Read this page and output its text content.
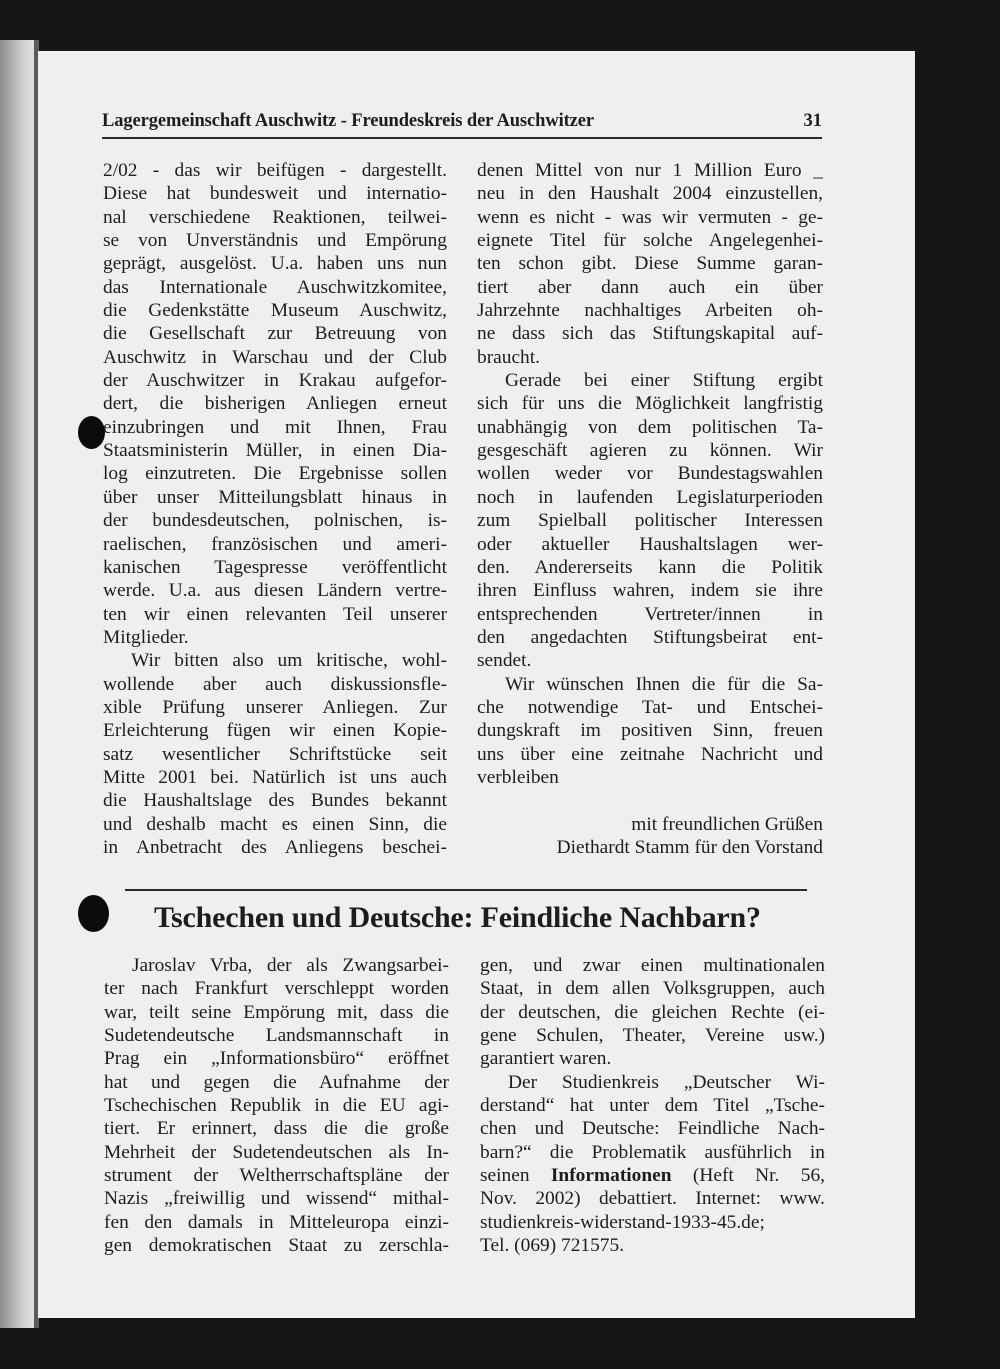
Lagergemeinschaft Auschwitz - Freundeskreis der Auschwitzer	31
2/02 - das wir beifügen - dargestellt.
Diese hat bundesweit und internatio-
nal verschiedene Reaktionen, teilwei-
se von Unverständnis und Empörung
geprägt, ausgelöst. U.a. haben uns nun
das Internationale Auschwitzkomitee,
die Gedenkstätte Museum Auschwitz,
die Gesellschaft zur Betreuung von
Auschwitz in Warschau und der Club
der Auschwitzer in Krakau aufgefor-
dert, die bisherigen Anliegen erneut
einzubringen und mit Ihnen, Frau
Staatsministerin Müller, in einen Dia-
log einzutreten. Die Ergebnisse sollen
über unser Mitteilungsblatt hinaus in
der bundesdeutschen, polnischen, is-
raelischen, französischen und ameri-
kanischen Tagespresse veröffentlicht
werde. U.a. aus diesen Ländern vertre-
ten wir einen relevanten Teil unserer
Mitglieder.
Wir bitten also um kritische, wohl-
wollende aber auch diskussionsfle-
xible Prüfung unserer Anliegen. Zur
Erleichterung fügen wir einen Kopie-
satz wesentlicher Schriftstücke seit
Mitte 2001 bei. Natürlich ist uns auch
die Haushaltslage des Bundes bekannt
und deshalb macht es einen Sinn, die
in Anbetracht des Anliegens beschei-
denen Mittel von nur 1 Million Euro _
neu in den Haushalt 2004 einzustellen,
wenn es nicht - was wir vermuten - ge-
eignete Titel für solche Angelegenhei-
ten schon gibt. Diese Summe garan-
tiert aber dann auch ein über
Jahrzehnte nachhaltiges Arbeiten oh-
ne dass sich das Stiftungskapital auf-
braucht.
Gerade bei einer Stiftung ergibt
sich für uns die Möglichkeit langfristig
unabhängig von dem politischen Ta-
gesgeschäft agieren zu können. Wir
wollen weder vor Bundestagswahlen
noch in laufenden Legislaturperioden
zum Spielball politischer Interessen
oder aktueller Haushaltslagen wer-
den. Andererseits kann die Politik
ihren Einfluss wahren, indem sie ihre
entsprechenden Vertreter/innen in
den angedachten Stiftungsbeirat ent-
sendet.
Wir wünschen Ihnen die für die Sa-
che notwendige Tat- und Entschei-
dungskraft im positiven Sinn, freuen
uns über eine zeitnahe Nachricht und
verbleiben
mit freundlichen Grüßen
Diethardt Stamm für den Vorstand
Tschechen und Deutsche: Feindliche Nachbarn?
Jaroslav Vrba, der als Zwangsarbei-
ter nach Frankfurt verschleppt worden
war, teilt seine Empörung mit, dass die
Sudetendeutsche Landsmannschaft in
Prag ein „Informationsbüro“ eröffnet
hat und gegen die Aufnahme der
Tschechischen Republik in die EU agi-
tiert. Er erinnert, dass die die große
Mehrheit der Sudetendeutschen als In-
strument der Weltherrschaftspläne der
Nazis „freiwillig und wissend“ mithal-
fen den damals in Mitteleuropa einzi-
gen demokratischen Staat zu zerschla-
gen, und zwar einen multinationalen
Staat, in dem allen Volksgruppen, auch
der deutschen, die gleichen Rechte (ei-
gene Schulen, Theater, Vereine usw.)
garantiert waren.
Der Studienkreis „Deutscher Wi-
derstand“ hat unter dem Titel „Tsche-
chen und Deutsche: Feindliche Nach-
barn?“ die Problematik ausführlich in
seinen Informationen (Heft Nr. 56,
Nov. 2002) debattiert. Internet: www.
studienkreis-widerstand-1933-45.de;
Tel. (069) 721575.
